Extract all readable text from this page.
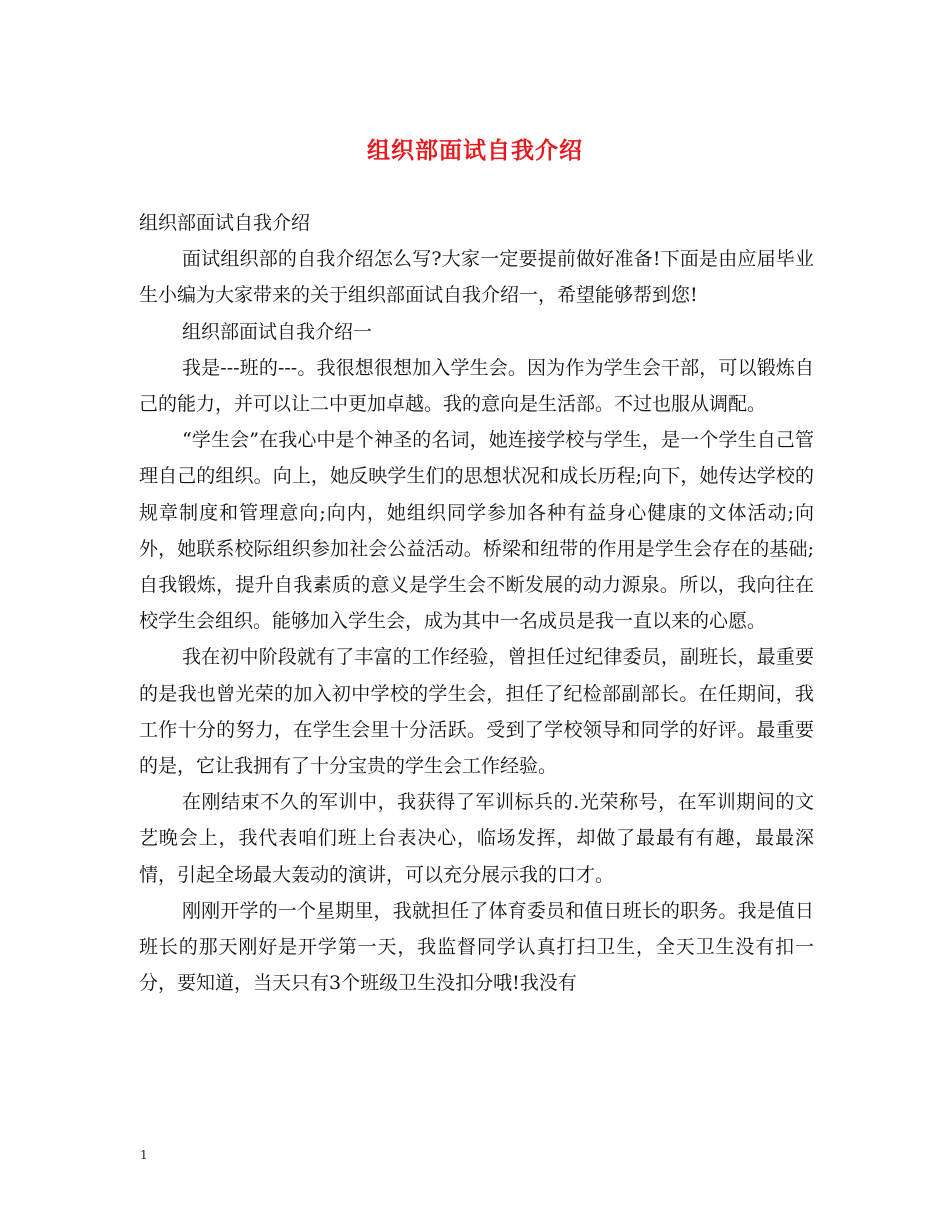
组织部面试自我介绍

组织部面试自我介绍

面试组织部的自我介绍怎么写?大家一定要提前做好准备!下面是由应届毕业生小编为大家带来的关于组织部面试自我介绍一，希望能够帮到您!

组织部面试自我介绍一

我是---班的---。我很想很想加入学生会。因为作为学生会干部，可以锻炼自己的能力，并可以让二中更加卓越。我的意向是生活部。不过也服从调配。

“学生会”在我心中是个神圣的名词，她连接学校与学生，是一个学生自己管理自己的组织。向上，她反映学生们的思想状况和成长历程;向下，她传达学校的规章制度和管理意向;向内，她组织同学参加各种有益身心健康的文体活动;向外，她联系校际组织参加社会公益活动。桥梁和纽带的作用是学生会存在的基础;自我锻炼，提升自我素质的意义是学生会不断发展的动力源泉。所以，我向往在校学生会组织。能够加入学生会，成为其中一名成员是我一直以来的心愿。

我在初中阶段就有了丰富的工作经验，曾担任过纪律委员，副班长，最重要的是我也曾光荣的加入初中学校的学生会，担任了纪检部副部长。在任期间，我工作十分的努力，在学生会里十分活跃。受到了学校领导和同学的好评。最重要的是，它让我拥有了十分宝贵的学生会工作经验。

在刚结束不久的军训中，我获得了军训标兵的.光荣称号，在军训期间的文艺晚会上，我代表咱们班上台表决心，临场发挥，却做了最最有有趣，最最深情，引起全场最大轰动的演讲，可以充分展示我的口才。

刚刚开学的一个星期里，我就担任了体育委员和值日班长的职务。我是值日班长的那天刚好是开学第一天，我监督同学认真打扫卫生，全天卫生没有扣一分，要知道，当天只有3个班级卫生没扣分哦!我没有

1
